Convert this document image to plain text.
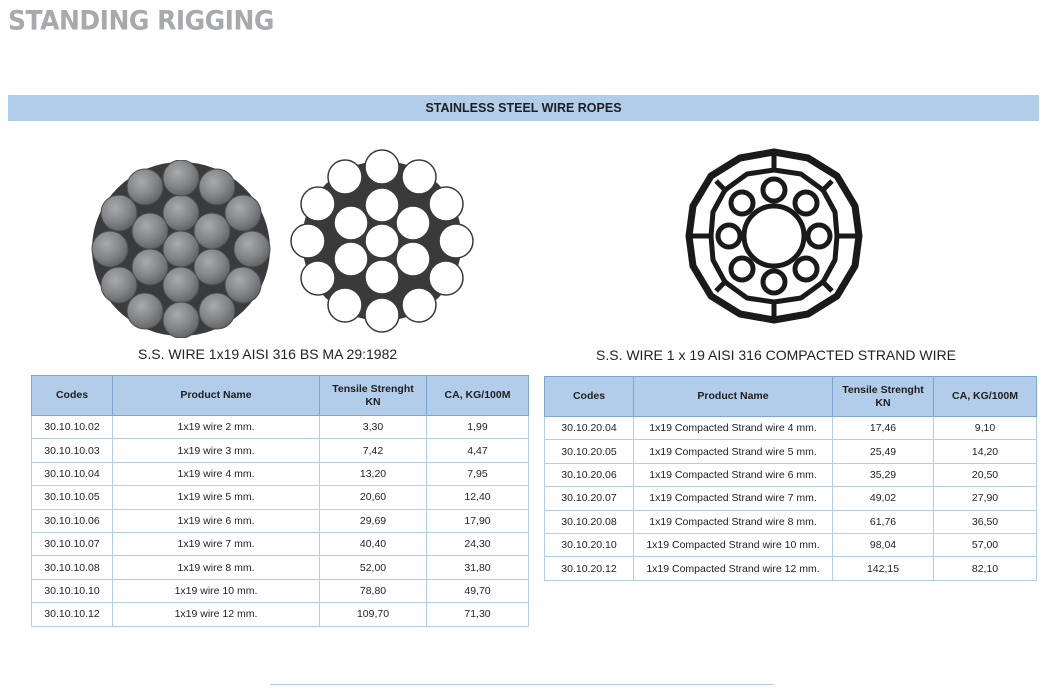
STANDING RIGGING
STAINLESS STEEL WIRE ROPES
S.S. WIRE 1x19 AISI 316 BS MA 29:1982	S.S. WIRE 1 x 19 AISI 316 COMPACTED STRAND WIRE
Codes	Product Name	Tensile Strenght KN	CA, KG/100M
30.10.10.02	1x19 wire 2 mm.	3,30	1,99
30.10.10.03	1x19 wire 3 mm.	7,42	4,47
30.10.10.04	1x19 wire 4 mm.	13,20	7,95
30.10.10.05	1x19 wire 5 mm.	20,60	12,40
30.10.10.06	1x19 wire 6 mm.	29,69	17,90
30.10.10.07	1x19 wire 7 mm.	40,40	24,30
30.10.10.08	1x19 wire 8 mm.	52,00	31,80
30.10.10.10	1x19 wire 10 mm.	78,80	49,70
30.10.10.12	1x19 wire 12 mm.	109,70	71,30
Codes	Product Name	Tensile Strenght KN	CA, KG/100M
30.10.20.04	1x19 Compacted Strand wire 4 mm.	17,46	9,10
30.10.20.05	1x19 Compacted Strand wire 5 mm.	25,49	14,20
30.10.20.06	1x19 Compacted Strand wire 6 mm.	35,29	20,50
30.10.20.07	1x19 Compacted Strand wire 7 mm.	49,02	27,90
30.10.20.08	1x19 Compacted Strand wire 8 mm.	61,76	36,50
30.10.20.10	1x19 Compacted Strand wire 10 mm.	98,04	57,00
30.10.20.12	1x19 Compacted Strand wire 12 mm.	142,15	82,10
